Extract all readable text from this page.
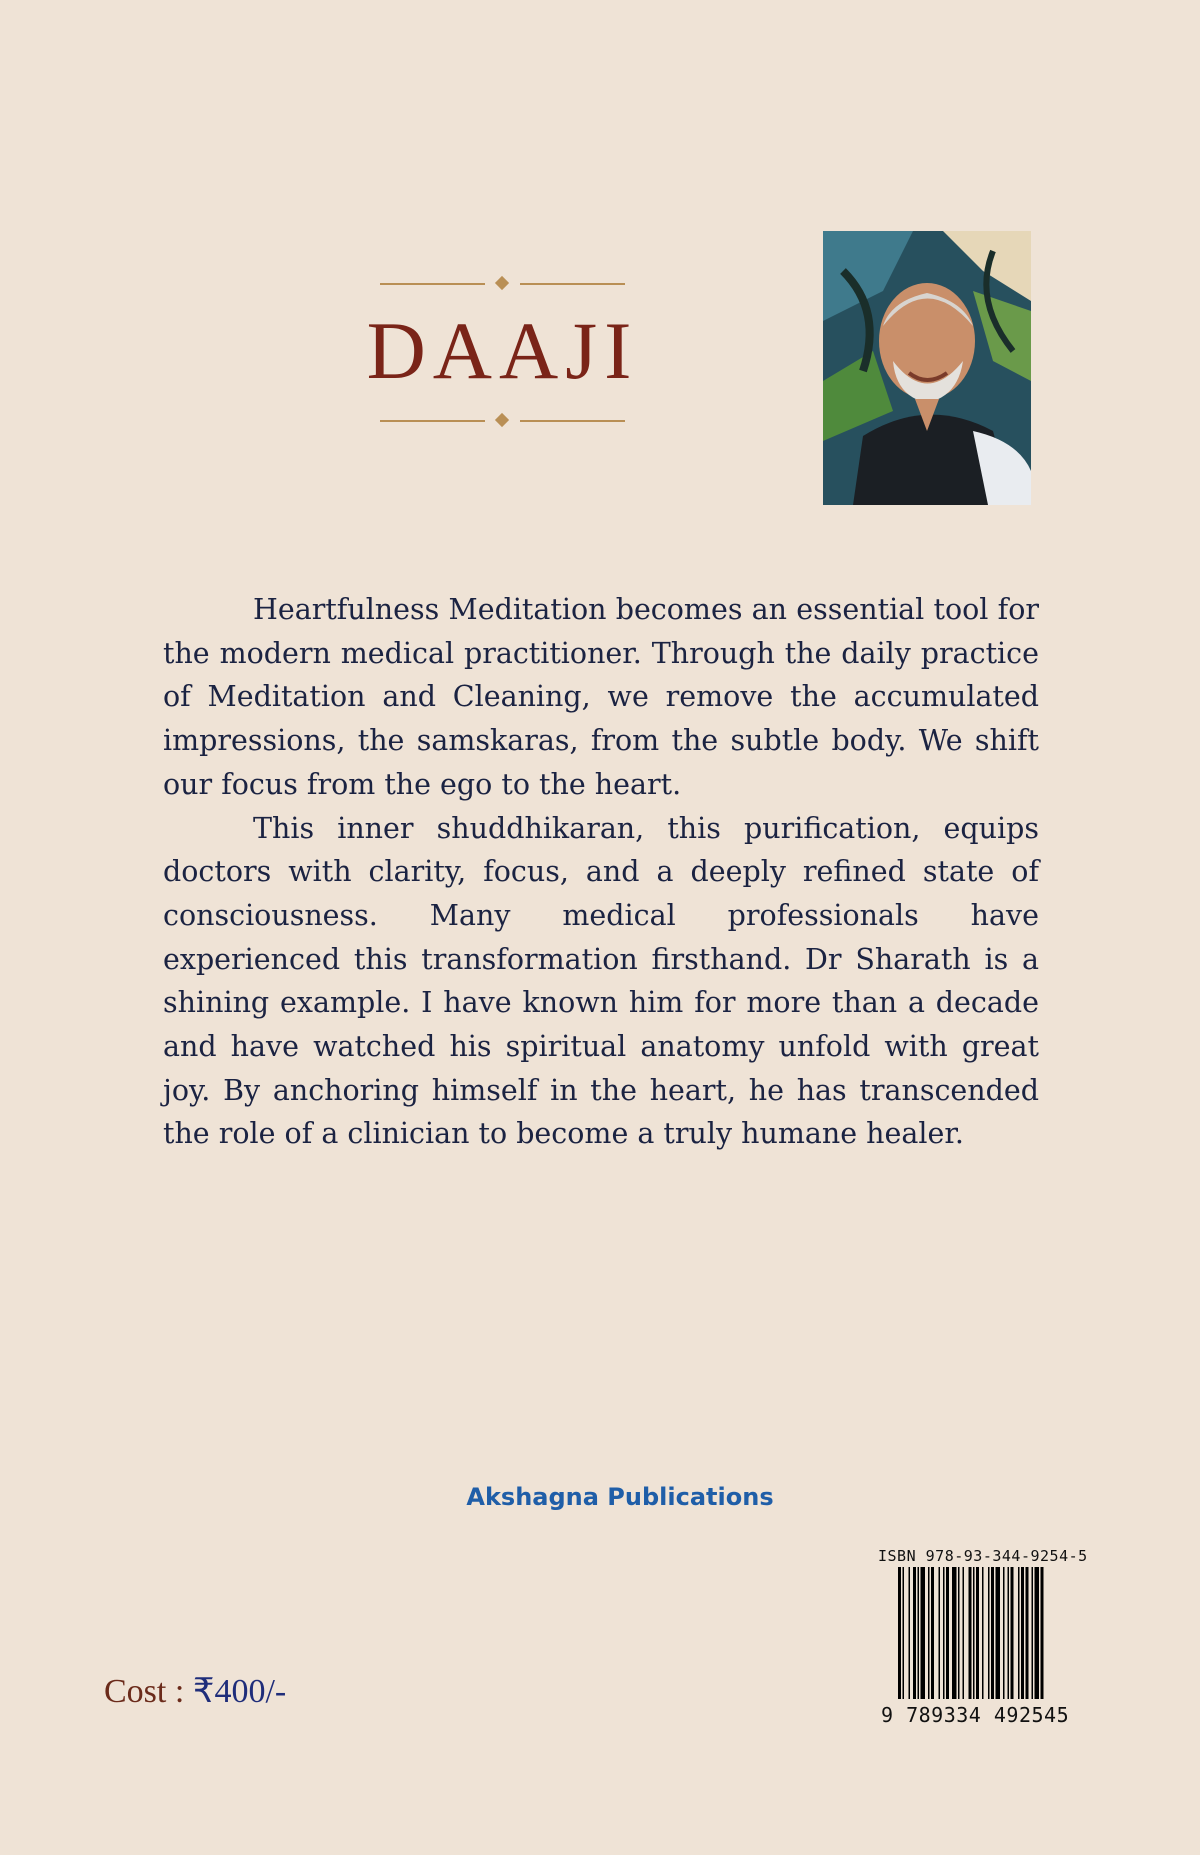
DAAJI

Heartfulness Meditation becomes an essential tool for the modern medical practitioner. Through the daily practice of Meditation and Cleaning, we remove the accumulated impressions, the samskaras, from the subtle body. We shift our focus from the ego to the heart.

This inner shuddhikaran, this purification, equips doctors with clarity, focus, and a deeply refined state of consciousness. Many medical professionals have experienced this transformation firsthand. Dr Sharath is a shining example. I have known him for more than a decade and have watched his spiritual anatomy unfold with great joy. By anchoring himself in the heart, he has transcended the role of a clinician to become a truly humane healer.

Akshagna Publications
Cost : ₹400/-
ISBN 978-93-344-9254-5
9 789334 492545
